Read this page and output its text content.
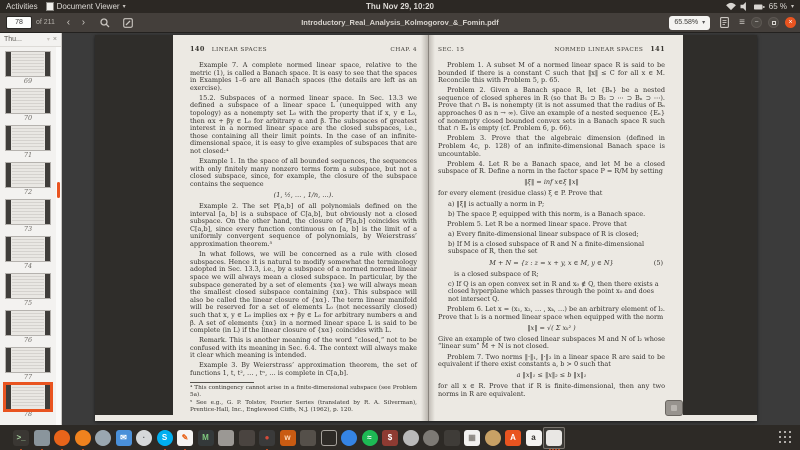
Activities Document Viewer ▾	Thu Nov 29, 10:20	65 % ▾
78
of 211	‹	›	Introductory_Real_Analysis_Kolmogorov_&_Fomin.pdf	65.58% ▾	≡	−	×
Thu...	▾ ×
69
70
71
72
73
74
75
76
77
78
140 LINEAR SPACES	CHAP. 4
Example 7. A complete normed linear space, relative to the metric (1), is called a Banach space. It is easy to see that the spaces in Examples 1–6 are all Banach spaces (the details are left as an exercise).
15.2. Subspaces of a normed linear space. In Sec. 13.3 we defined a subspace of a linear space L (unequipped with any topology) as a nonempty set L₀ with the property that if x, y ∈ L₀, then αx + βy ∈ L₀ for arbitrary α and β. The subspaces of greatest interest in a normed linear space are the closed subspaces, i.e., those containing all their limit points. In the case of an infinite-dimensional space, it is easy to give examples of subspaces that are not closed:⁴
Example 1. In the space of all bounded sequences, the sequences with only finitely many nonzero terms form a subspace, but not a closed subspace, since, for example, the closure of the subspace contains the sequence
(1, ½, … , 1/n, …).
Example 2. The set P[a,b] of all polynomials defined on the interval [a, b] is a subspace of C[a,b], but obviously not a closed subspace. On the other hand, the closure of P[a,b] coincides with C[a,b], since every function continuous on [a, b] is the limit of a uniformly convergent sequence of polynomials, by Weierstrass’ approximation theorem.⁵
In what follows, we will be concerned as a rule with closed subspaces. Hence it is natural to modify somewhat the terminology adopted in Sec. 13.3, i.e., by a subspace of a normed normed linear space we will always mean a closed subspace. In particular, by the subspace generated by a set of elements {xα} we will always mean the smallest closed subspace containing {xα}. This subspace will also be called the linear closure of {xα}. The term linear manifold will be reserved for a set of elements L₀ (not necessarily closed) such that x, y ∈ L₀ implies αx + βy ∈ L₀ for arbitrary numbers α and β. A set of elements {xα} in a normed linear space L is said to be complete (in L) if the linear closure of {xα} coincides with L.
Remark. This is another meaning of the word “closed,” not to be confused with its meaning in Sec. 6.4. The context will always make it clear which meaning is intended.
Example 3. By Weierstrass’ approximation theorem, the set of functions 1, t, t², … , tⁿ, … is complete in C[a,b].
⁴ This contingency cannot arise in a finite-dimensional subspace (see Problem 5a).
⁵ See e.g., G. P. Tolstov, Fourier Series (translated by R. A. Silverman), Prentice-Hall, Inc., Englewood Cliffs, N.J. (1962), p. 120.
SEC. 15	NORMED LINEAR SPACES 141
Problem 1. A subset M of a normed linear space R is said to be bounded if there is a constant C such that ‖x‖ ≤ C for all x ∈ M. Reconcile this with Problem 5, p. 65.
Problem 2. Given a Banach space R, let {Bₙ} be a nested sequence of closed spheres in R (so that B₁ ⊃ B₂ ⊃ ⋯ ⊃ Bₙ ⊃ ⋯). Prove that ∩ Bₙ is nonempty (it is not assumed that the radius of Bₙ approaches 0 as n → ∞). Give an example of a nested sequence {Eₙ} of nonempty closed bounded convex sets in a Banach space R such that ∩ Eₙ is empty (cf. Problem 6, p. 66).
Problem 3. Prove that the algebraic dimension (defined in Problem 4c, p. 128) of an infinite-dimensional Banach space is uncountable.
Problem 4. Let R be a Banach space, and let M be a closed subspace of R. Define a norm in the factor space P = R/M by setting
‖ξ‖ = inf x∈ξ ‖x‖
for every element (residue class) ξ ∈ P. Prove that
a) ‖ξ‖ is actually a norm in P;
b) The space P, equipped with this norm, is a Banach space.
Problem 5. Let R be a normed linear space. Prove that
a) Every finite-dimensional linear subspace of R is closed;
b) If M is a closed subspace of R and N a finite-dimensional subspace of R, then the set
M + N = {z : z = x + y, x ∈ M, y ∈ N}	(5)
is a closed subspace of R;
c) If Q is an open convex set in R and x₀ ∉ Q, then there exists a closed hyperplane which passes through the point x₀ and does not intersect Q.
Problem 6. Let x = (x₁, x₂, … , xₖ, …) be an arbitrary element of l₂. Prove that l₂ is a normed linear space when equipped with the norm
‖x‖ = √( Σ xₖ² )
Give an example of two closed linear subspaces M and N of l₂ whose “linear sum” M + N is not closed.
Problem 7. Two norms ‖·‖₁, ‖·‖₂ in a linear space R are said to be equivalent if there exist constants a, b > 0 such that
a ‖x‖₁ ≤ ‖x‖₂ ≤ b ‖x‖₁
for all x ∈ R. Prove that if R is finite-dimensional, then any two norms in R are equivalent.
>_	✉	·	S	✎	M	●	w	≈	$	▦	A	a
